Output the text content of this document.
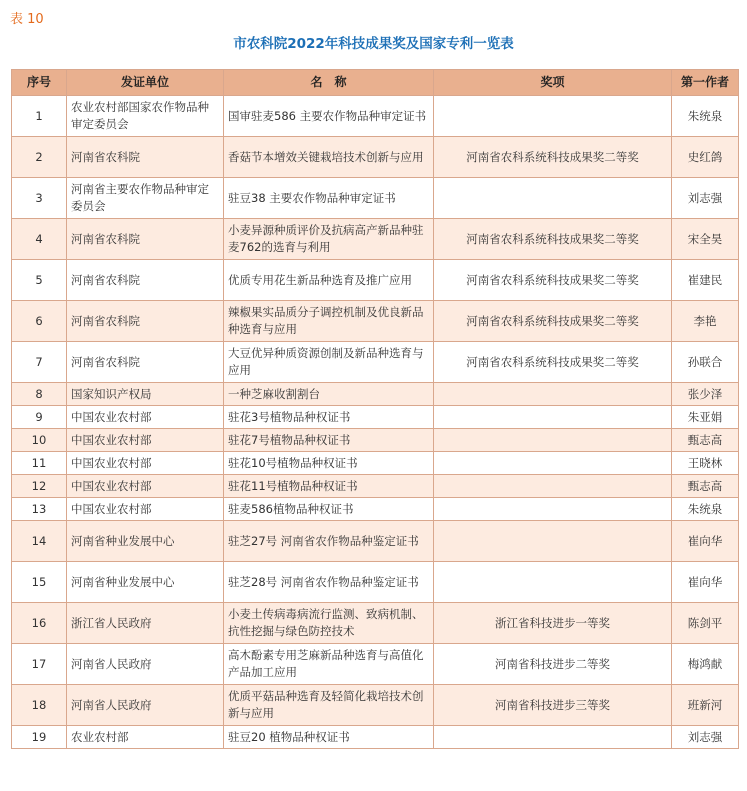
表 10
市农科院2022年科技成果奖及国家专利一览表
序号	发证单位	名　称	奖项	第一作者
1	农业农村部国家农作物品种审定委员会	国审驻麦586 主要农作物品种审定证书		朱统泉
2	河南省农科院	香菇节本增效关键栽培技术创新与应用	河南省农科系统科技成果奖二等奖	史红鸽
3	河南省主要农作物品种审定委员会	驻豆38 主要农作物品种审定证书		刘志强
4	河南省农科院	小麦异源种质评价及抗病高产新品种驻麦762的选育与利用	河南省农科系统科技成果奖二等奖	宋全昊
5	河南省农科院	优质专用花生新品种选育及推广应用	河南省农科系统科技成果奖二等奖	崔建民
6	河南省农科院	辣椒果实品质分子调控机制及优良新品种选育与应用	河南省农科系统科技成果奖二等奖	李艳
7	河南省农科院	大豆优异种质资源创制及新品种选育与应用	河南省农科系统科技成果奖二等奖	孙联合
8	国家知识产权局	一种芝麻收割割台		张少泽
9	中国农业农村部	驻花3号植物品种权证书		朱亚娟
10	中国农业农村部	驻花7号植物品种权证书		甄志高
11	中国农业农村部	驻花10号植物品种权证书		王晓林
12	中国农业农村部	驻花11号植物品种权证书		甄志高
13	中国农业农村部	驻麦586植物品种权证书		朱统泉
14	河南省种业发展中心	驻芝27号 河南省农作物品种鉴定证书		崔向华
15	河南省种业发展中心	驻芝28号 河南省农作物品种鉴定证书		崔向华
16	浙江省人民政府	小麦土传病毒病流行监测、致病机制、抗性挖掘与绿色防控技术	浙江省科技进步一等奖	陈剑平
17	河南省人民政府	高木酚素专用芝麻新品种选育与高值化产品加工应用	河南省科技进步二等奖	梅鸿献
18	河南省人民政府	优质平菇品种选育及轻简化栽培技术创新与应用	河南省科技进步三等奖	班新河
19	农业农村部	驻豆20 植物品种权证书		刘志强
